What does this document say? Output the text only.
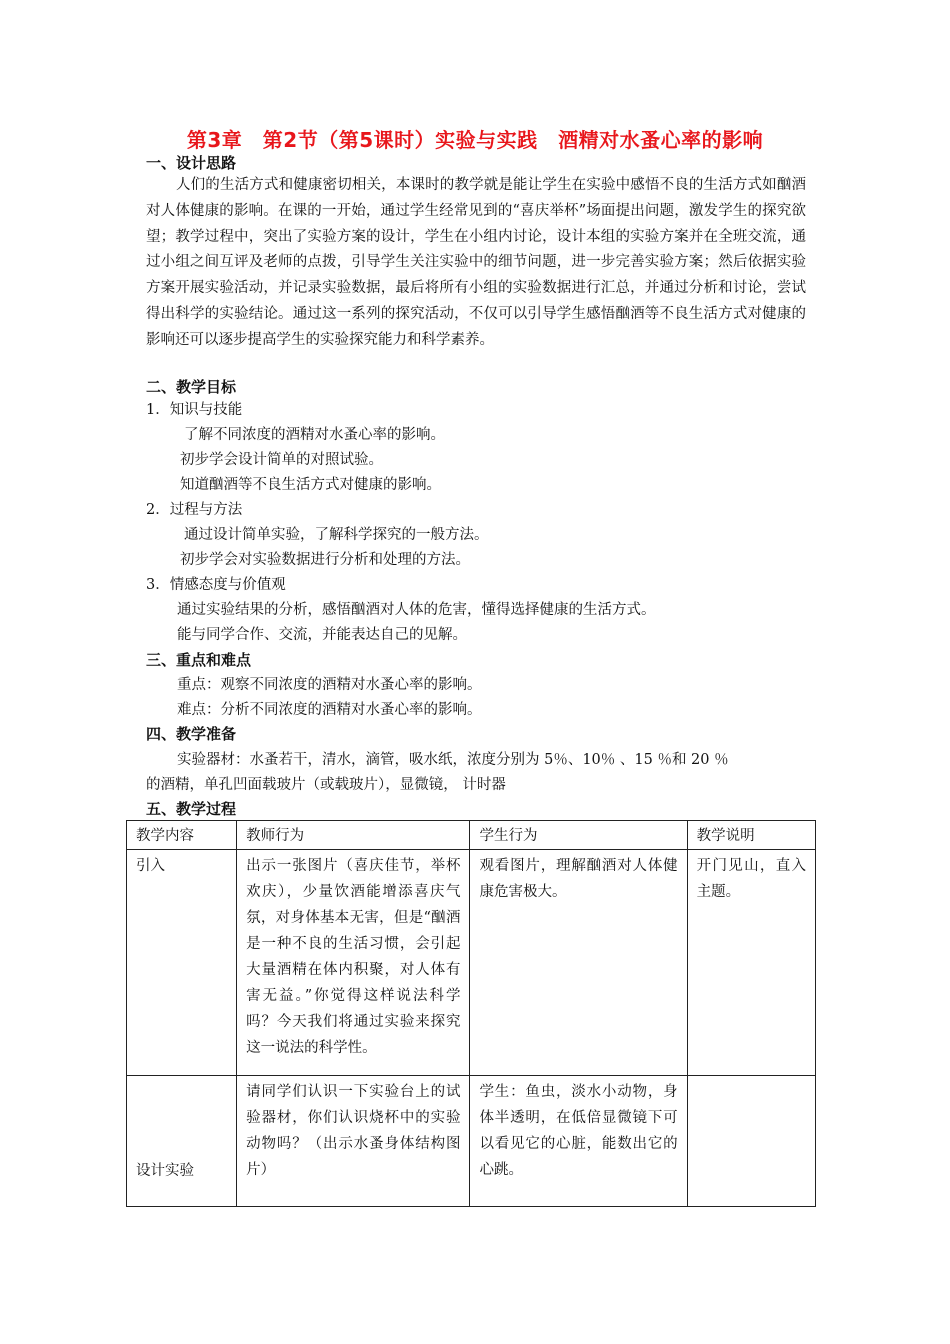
第3章　第2节（第5课时）实验与实践　酒精对水蚤心率的影响
一、设计思路
人们的生活方式和健康密切相关，本课时的教学就是能让学生在实验中感悟不良的生活方式如酗酒对人体健康的影响。在课的一开始，通过学生经常见到的“喜庆举杯”场面提出问题，激发学生的探究欲望；教学过程中，突出了实验方案的设计，学生在小组内讨论，设计本组的实验方案并在全班交流，通过小组之间互评及老师的点拨，引导学生关注实验中的细节问题，进一步完善实验方案；然后依据实验方案开展实验活动，并记录实验数据，最后将所有小组的实验数据进行汇总，并通过分析和讨论，尝试得出科学的实验结论。通过这一系列的探究活动，不仅可以引导学生感悟酗酒等不良生活方式对健康的影响还可以逐步提高学生的实验探究能力和科学素养。
二、教学目标
1．知识与技能
了解不同浓度的酒精对水蚤心率的影响。
初步学会设计简单的对照试验。
知道酗酒等不良生活方式对健康的影响。
2．过程与方法
通过设计简单实验，了解科学探究的一般方法。
初步学会对实验数据进行分析和处理的方法。
3．情感态度与价值观
通过实验结果的分析，感悟酗酒对人体的危害，懂得选择健康的生活方式。
能与同学合作、交流，并能表达自己的见解。
三、重点和难点
重点：观察不同浓度的酒精对水蚤心率的影响。
难点：分析不同浓度的酒精对水蚤心率的影响。
四、教学准备
实验器材：水蚤若干，清水，滴管，吸水纸，浓度分别为 5％、10％ 、15 ％和 20 ％
的酒精，单孔凹面载玻片（或载玻片），显微镜， 计时器
五、教学过程
教学内容	教师行为	学生行为	教学说明
引入	出示一张图片（喜庆佳节，举杯欢庆），少量饮酒能增添喜庆气氛，对身体基本无害，但是“酗酒是一种不良的生活习惯，会引起大量酒精在体内积聚，对人体有害无益。”你觉得这样说法科学吗？今天我们将通过实验来探究这一说法的科学性。	观看图片，理解酗酒对人体健康危害极大。	开门见山，直入主题。
设计实验	请同学们认识一下实验台上的试验器材，你们认识烧杯中的实验动物吗？（出示水蚤身体结构图片）	学生：鱼虫，淡水小动物，身体半透明，在低倍显微镜下可以看见它的心脏，能数出它的心跳。	
